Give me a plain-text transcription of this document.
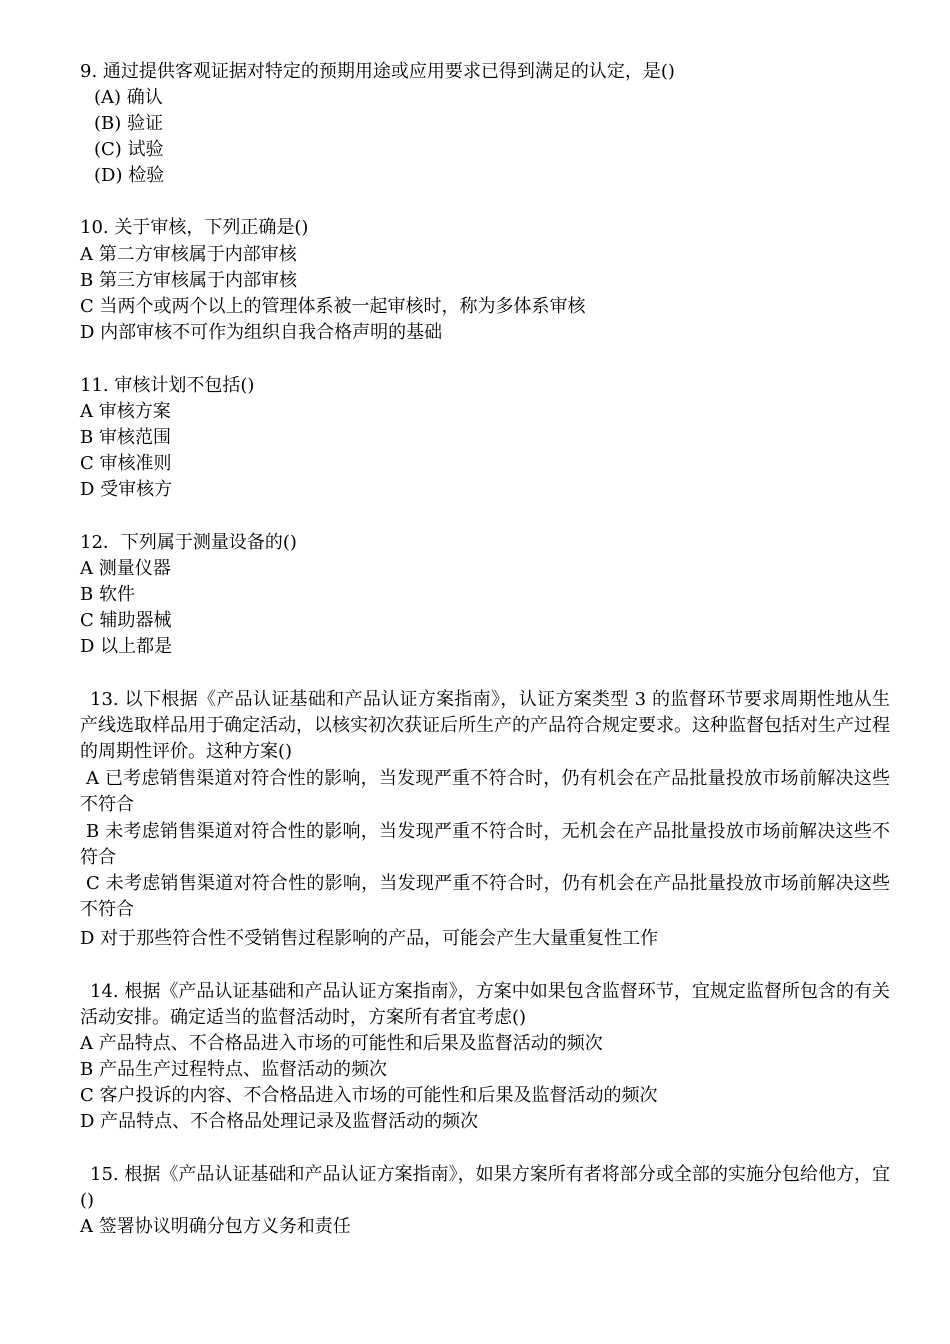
9. 通过提供客观证据对特定的预期用途或应用要求已得到满足的认定，是()
(A) 确认
(B) 验证
(C) 试验
(D) 检验
10. 关于审核，下列正确是()
A 第二方审核属于内部审核
B 第三方审核属于内部审核
C 当两个或两个以上的管理体系被一起审核时，称为多体系审核
D 内部审核不可作为组织自我合格声明的基础
11. 审核计划不包括()
A 审核方案
B 审核范围
C 审核准则
D 受审核方
12．下列属于测量设备的()
A 测量仪器
B 软件
C 辅助器械
D 以上都是
13. 以下根据《产品认证基础和产品认证方案指南》，认证方案类型 3 的监督环节要求周期性地从生产线选取样品用于确定活动，以核实初次获证后所生产的产品符合规定要求。这种监督包括对生产过程的周期性评价。这种方案()
A 已考虑销售渠道对符合性的影响，当发现严重不符合时，仍有机会在产品批量投放市场前解决这些不符合
B 未考虑销售渠道对符合性的影响，当发现严重不符合时，无机会在产品批量投放市场前解决这些不符合
C 未考虑销售渠道对符合性的影响，当发现严重不符合时，仍有机会在产品批量投放市场前解决这些不符合
D 对于那些符合性不受销售过程影响的产品，可能会产生大量重复性工作
14. 根据《产品认证基础和产品认证方案指南》，方案中如果包含监督环节，宜规定监督所包含的有关活动安排。确定适当的监督活动时，方案所有者宜考虑()
A 产品特点、不合格品进入市场的可能性和后果及监督活动的频次
B 产品生产过程特点、监督活动的频次
C 客户投诉的内容、不合格品进入市场的可能性和后果及监督活动的频次
D 产品特点、不合格品处理记录及监督活动的频次
15. 根据《产品认证基础和产品认证方案指南》，如果方案所有者将部分或全部的实施分包给他方，宜()
A 签署协议明确分包方义务和责任
